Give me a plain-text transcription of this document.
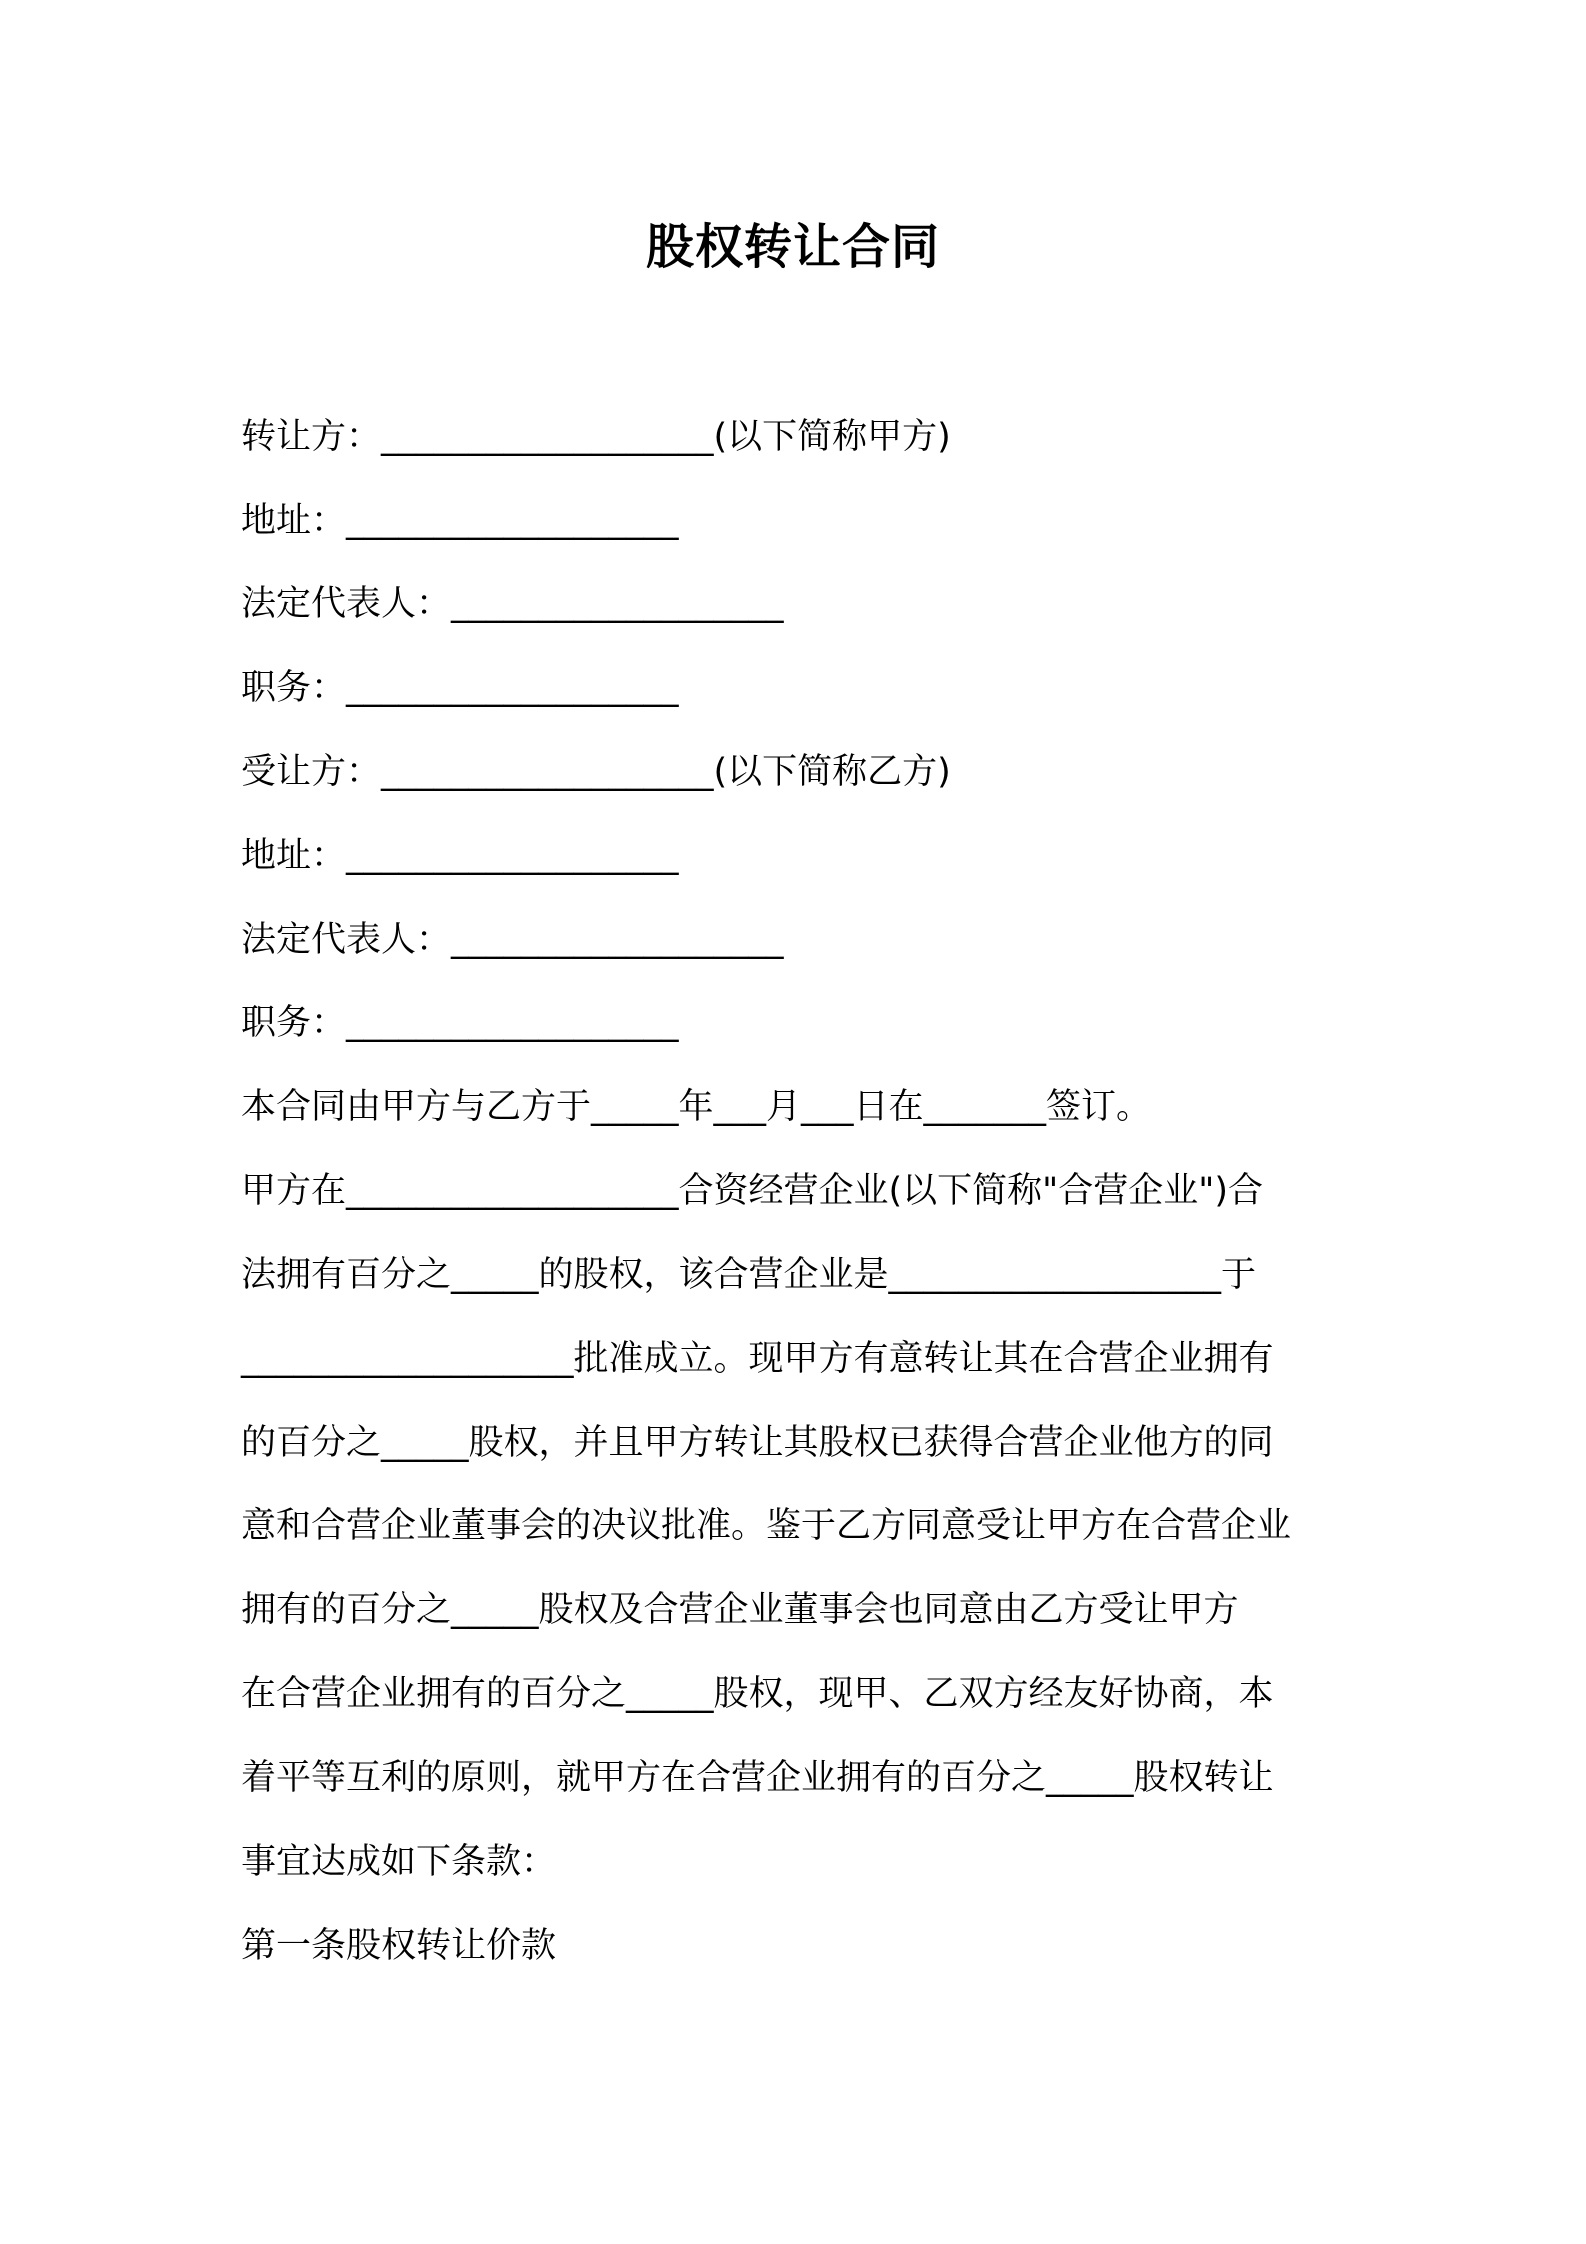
股权转让合同
转让方：___________________(以下简称甲方)
地址：___________________
法定代表人：___________________
职务：___________________
受让方：___________________(以下简称乙方)
地址：___________________
法定代表人：___________________
职务：___________________
本合同由甲方与乙方于_____年___月___日在_______签订。
甲方在___________________合资经营企业(以下简称"合营企业")合
法拥有百分之_____的股权，该合营企业是___________________于
___________________批准成立。现甲方有意转让其在合营企业拥有
的百分之_____股权，并且甲方转让其股权已获得合营企业他方的同
意和合营企业董事会的决议批准。鉴于乙方同意受让甲方在合营企业
拥有的百分之_____股权及合营企业董事会也同意由乙方受让甲方
在合营企业拥有的百分之_____股权，现甲、乙双方经友好协商，本
着平等互利的原则，就甲方在合营企业拥有的百分之_____股权转让
事宜达成如下条款：
第一条股权转让价款
